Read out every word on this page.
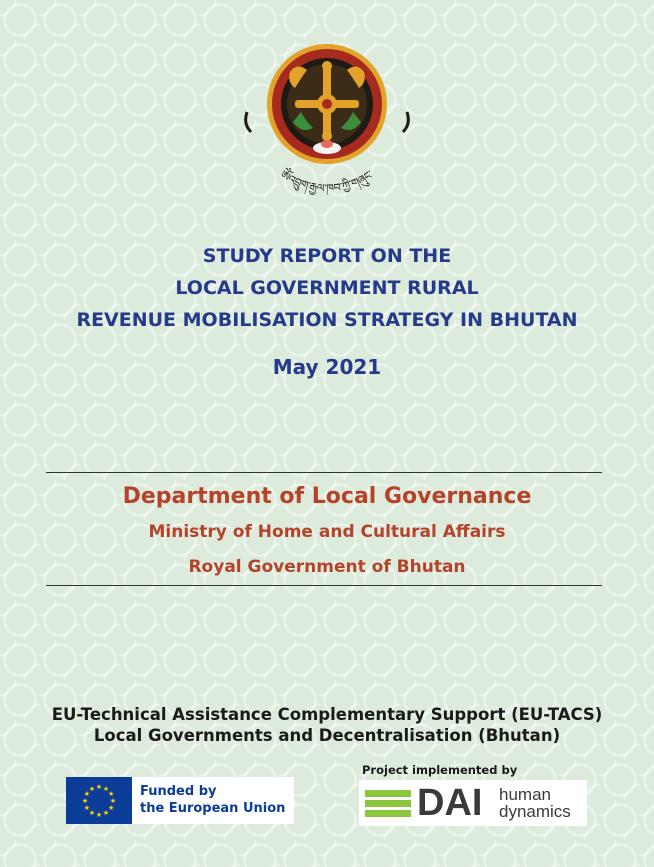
ༀའབྲུག་རྒྱལ་ཁབ་ཀྱི་གཞུང་
STUDY REPORT ON THE
LOCAL GOVERNMENT RURAL
REVENUE MOBILISATION STRATEGY IN BHUTAN
May 2021
Department of Local Governance
Ministry of Home and Cultural Affairs
Royal Government of Bhutan
EU-Technical Assistance Complementary Support (EU-TACS)
Local Governments and Decentralisation (Bhutan)
★
★
★
★
★
★
★
★
★ ★ ★
★ Funded by
the European Union
Project implemented by
DAI human
dynamics
